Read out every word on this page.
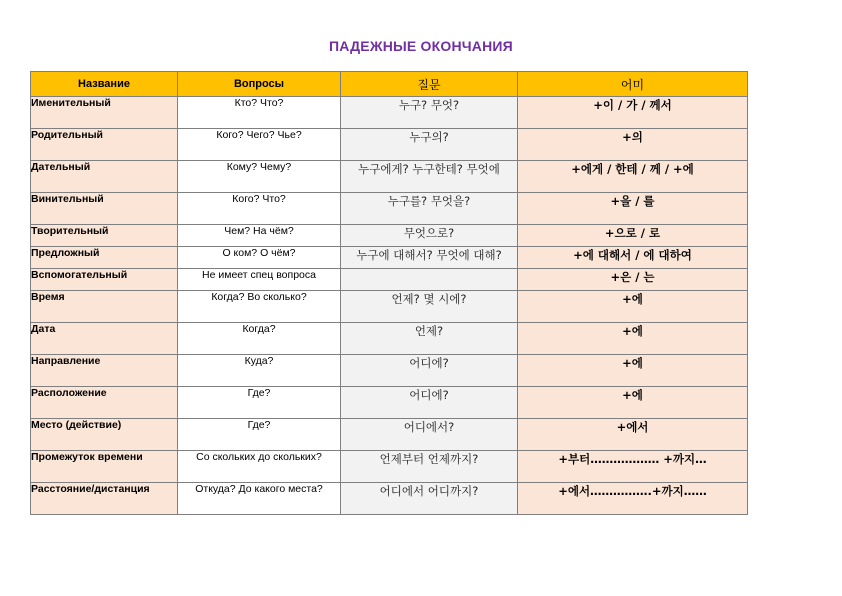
ПАДЕЖНЫЕ ОКОНЧАНИЯ
Название	Вопросы	질문	어미
Именительный	Кто? Что?	누구? 무엇?	+이 / 가 / 께서
Родительный	Кого? Чего? Чье?	누구의?	+의
Дательный	Кому? Чему?	누구에게? 누구한테? 무엇에	+에게 / 한테 / 께 / +에
Винительный	Кого? Что?	누구를? 무엇을?	+을 / 를
Творительный	Чем? На чём?	무엇으로?	+으로 / 로
Предложный	О ком? О чём?	누구에 대해서? 무엇에 대해?	+에 대해서 / 에 대하여
Вспомогательный	Не имеет спец вопроса		+은 / 는
Время	Когда? Во сколько?	언제? 몇 시에?	+에
Дата	Когда?	언제?	+에
Направление	Куда?	어디에?	+에
Расположение	Где?	어디에?	+에
Место (действие)	Где?	어디에서?	+에서
Промежуток времени	Со скольких до скольких?	언제부터 언제까지?	+부터……………… +까지…
Расстояние/дистанция	Откуда? До какого места?	어디에서 어디까지?	+에서…………….+까지……
